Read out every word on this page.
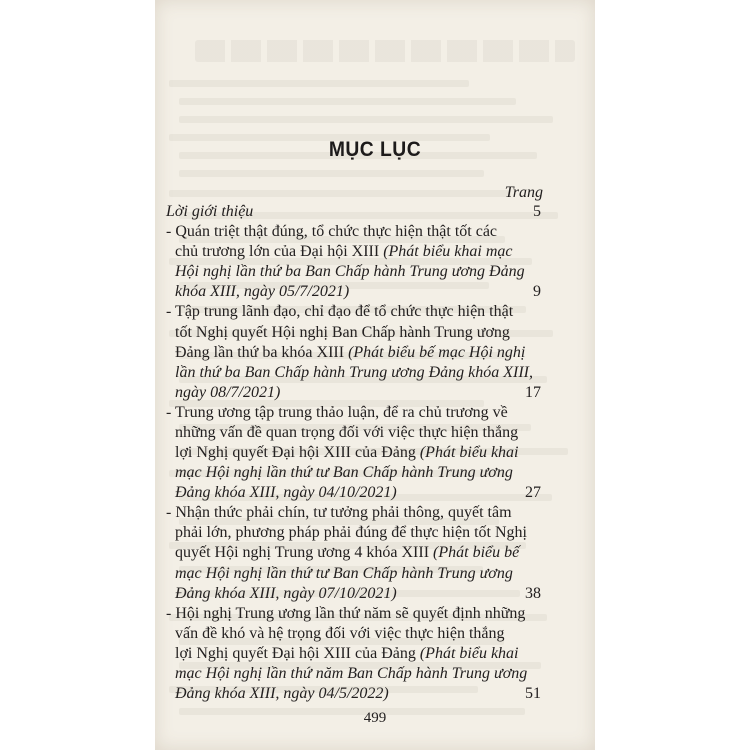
MỤC LỤC
Trang
Lời giới thiệu	5
- Quán triệt thật đúng, tổ chức thực hiện thật tốt các
chủ trương lớn của Đại hội XIII (Phát biểu khai mạc
Hội nghị lần thứ ba Ban Chấp hành Trung ương Đảng
khóa XIII, ngày 05/7/2021)	9
- Tập trung lãnh đạo, chỉ đạo để tổ chức thực hiện thật
tốt Nghị quyết Hội nghị Ban Chấp hành Trung ương
Đảng lần thứ ba khóa XIII (Phát biểu bế mạc Hội nghị
lần thứ ba Ban Chấp hành Trung ương Đảng khóa XIII,
ngày 08/7/2021)	17
- Trung ương tập trung thảo luận, để ra chủ trương về
những vấn đề quan trọng đối với việc thực hiện thắng
lợi Nghị quyết Đại hội XIII của Đảng (Phát biểu khai
mạc Hội nghị lần thứ tư Ban Chấp hành Trung ương
Đảng khóa XIII, ngày 04/10/2021)	27
- Nhận thức phải chín, tư tưởng phải thông, quyết tâm
phải lớn, phương pháp phải đúng để thực hiện tốt Nghị
quyết Hội nghị Trung ương 4 khóa XIII (Phát biểu bế
mạc Hội nghị lần thứ tư Ban Chấp hành Trung ương
Đảng khóa XIII, ngày 07/10/2021)	38
- Hội nghị Trung ương lần thứ năm sẽ quyết định những
vấn đề khó và hệ trọng đối với việc thực hiện thắng
lợi Nghị quyết Đại hội XIII của Đảng (Phát biểu khai
mạc Hội nghị lần thứ năm Ban Chấp hành Trung ương
Đảng khóa XIII, ngày 04/5/2022)	51
499
